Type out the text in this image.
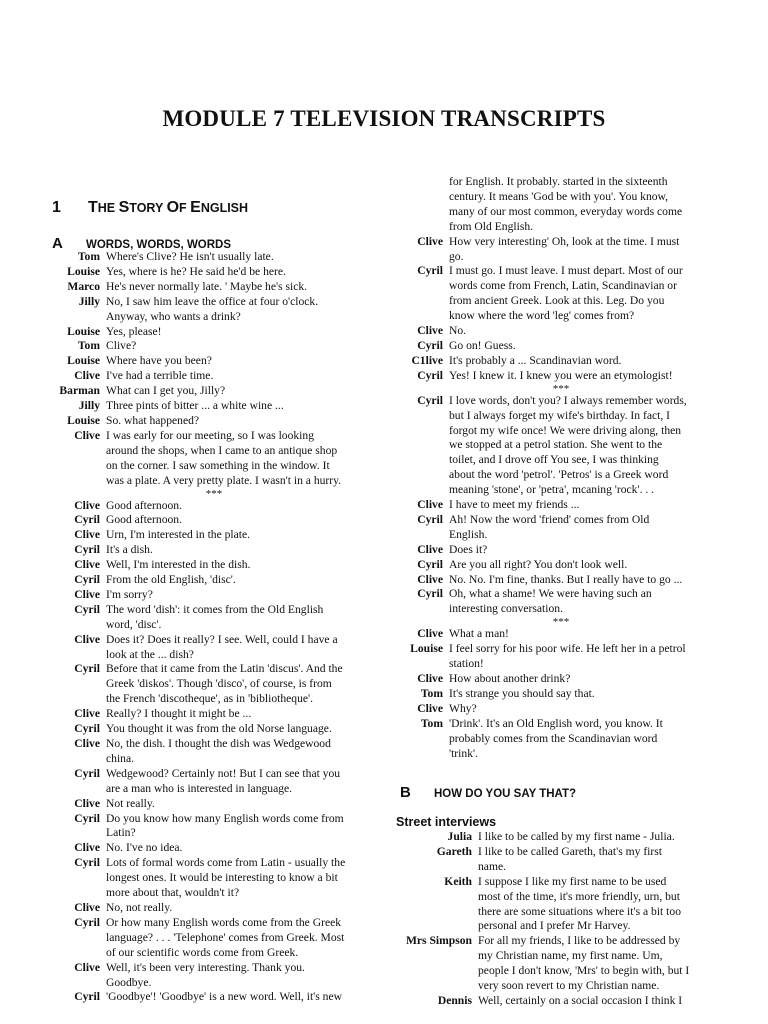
MODULE 7 TELEVISION TRANSCRIPTS
1 THE STORY OF ENGLISH
A WORDS, WORDS, WORDS
Tom Where's Clive? He isn't usually late.
Louise Yes, where is he? He said he'd be here.
Marco He's never normally late. ' Maybe he's sick.
Jilly No, I saw him leave the office at four o'clock.
Anyway, who wants a drink?
Louise Yes, please!
Tom Clive?
Louise Where have you been?
Clive I've had a terrible time.
Barman What can I get you, Jilly?
Jilly Three pints of bitter ... a white wine ...
Louise So. what happened?
Clive I was early for our meeting, so I was looking
around the shops, when I came to an antique shop
on the corner. I saw something in the window. It
was a plate. A very pretty plate. I wasn't in a hurry.
***
Clive Good afternoon.
Cyril Good afternoon.
Clive Urn, I'm interested in the plate.
Cyril It's a dish.
Clive Well, I'm interested in the dish.
Cyril From the old English, 'disc'.
Clive I'm sorry?
Cyril The word 'dish': it comes from the Old English
word, 'disc'.
Clive Does it? Does it really? I see. Well, could I have a
look at the ... dish?
Cyril Before that it came from the Latin 'discus'. And the
Greek 'diskos'. Though 'disco', of course, is from
the French 'discotheque', as in 'bibliotheque'.
Clive Really? I thought it might be ...
Cyril You thought it was from the old Norse language.
Clive No, the dish. I thought the dish was Wedgewood
china.
Cyril Wedgewood? Certainly not! But I can see that you
are a man who is interested in language.
Clive Not really.
Cyril Do you know how many English words come from
Latin?
Clive No. I've no idea.
Cyril Lots of formal words come from Latin - usually the
longest ones. It would be interesting to know a bit
more about that, wouldn't it?
Clive No, not really.
Cyril Or how many English words come from the Greek
language? . . . 'Telephone' comes from Greek. Most
of our scientific words come from Greek.
Clive Well, it's been very interesting. Thank you.
Goodbye.
Cyril 'Goodbye'! 'Goodbye' is a new word. Well, it's new
for English. It probably. started in the sixteenth
century. It means 'God be with you'. You know,
many of our most common, everyday words come
from Old English.
Clive How very interesting' Oh, look at the time. I must
go.
Cyril I must go. I must leave. I must depart. Most of our
words come from French, Latin, Scandinavian or
from ancient Greek. Look at this. Leg. Do you
know where the word 'leg' comes from?
Clive No.
Cyril Go on! Guess.
C1live It's probably a ... Scandinavian word.
Cyril Yes! I knew it. I knew you were an etymologist!
***
Cyril I love words, don't you? I always remember words,
but I always forget my wife's birthday. In fact, I
forgot my wife once! We were driving along, then
we stopped at a petrol station. She went to the
toilet, and I drove off You see, I was thinking
about the word 'petrol'. 'Petros' is a Greek word
meaning 'stone', or 'petra', mcaning 'rock'. . .
Clive I have to meet my friends ...
Cyril Ah! Now the word 'friend' comes from Old
English.
Clive Does it?
Cyril Are you all right? You don't look well.
Clive No. No. I'm fine, thanks. But I really have to go ...
Cyril Oh, what a shame! We were having such an
interesting conversation.
***
Clive What a man!
Louise I feel sorry for his poor wife. He left her in a petrol
station!
Clive How about another drink?
Tom It's strange you should say that.
Clive Why?
Tom 'Drink'. It's an Old English word, you know. It
probably comes from the Scandinavian word
'trink'.
B HOW DO YOU SAY THAT?
Street interviews
Julia I like to be called by my first name - Julia.
Gareth I like to be called Gareth, that's my first
name.
Keith I suppose I like my first name to be used
most of the time, it's more friendly, urn, but
there are some situations where it's a bit too
personal and I prefer Mr Harvey.
Mrs Simpson For all my friends, I like to be addressed by
my Christian name, my first name. Um,
people I don't know, 'Mrs' to begin with, but I
very soon revert to my Christian name.
Dennis Well, certainly on a social occasion I think I
